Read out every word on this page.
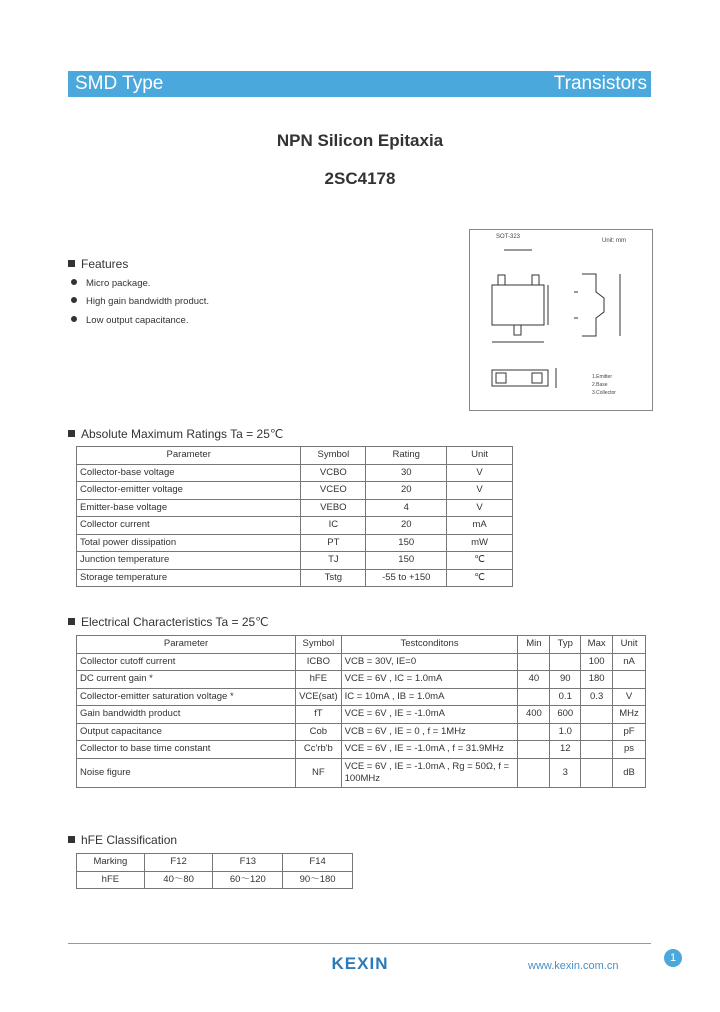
SMD Type	Transistors
NPN Silicon Epitaxia
2SC4178
Features
Micro package.
High gain bandwidth product.
Low output capacitance.
SOT-323
Unit: mm
1.Emitter
2.Base
3.Collector
Absolute Maximum Ratings Ta = 25℃
Parameter	Symbol	Rating	Unit
Collector-base voltage	VCBO	30	V
Collector-emitter voltage	VCEO	20	V
Emitter-base voltage	VEBO	4	V
Collector current	IC	20	mA
Total power dissipation	PT	150	mW
Junction temperature	TJ	150	℃
Storage temperature	Tstg	-55 to +150	℃
Electrical Characteristics Ta = 25℃
Parameter	Symbol	Testconditons	Min	Typ	Max	Unit
Collector cutoff current	ICBO	VCB = 30V, IE=0			100	nA
DC current gain *	hFE	VCE = 6V , IC = 1.0mA	40	90	180	
Collector-emitter saturation voltage *	VCE(sat)	IC = 10mA , IB = 1.0mA		0.1	0.3	V
Gain bandwidth product	fT	VCE = 6V , IE = -1.0mA	400	600		MHz
Output capacitance	Cob	VCB = 6V , IE = 0 , f = 1MHz		1.0		pF
Collector to base time constant	Cc'rb'b	VCE = 6V , IE = -1.0mA , f = 31.9MHz		12		ps
Noise figure	NF	VCE = 6V , IE = -1.0mA , Rg = 50Ω, f = 100MHz		3		dB
hFE Classification
Marking	F12	F13	F14
hFE	40～80	60～120	90～180
KEXIN	www.kexin.com.cn
1
